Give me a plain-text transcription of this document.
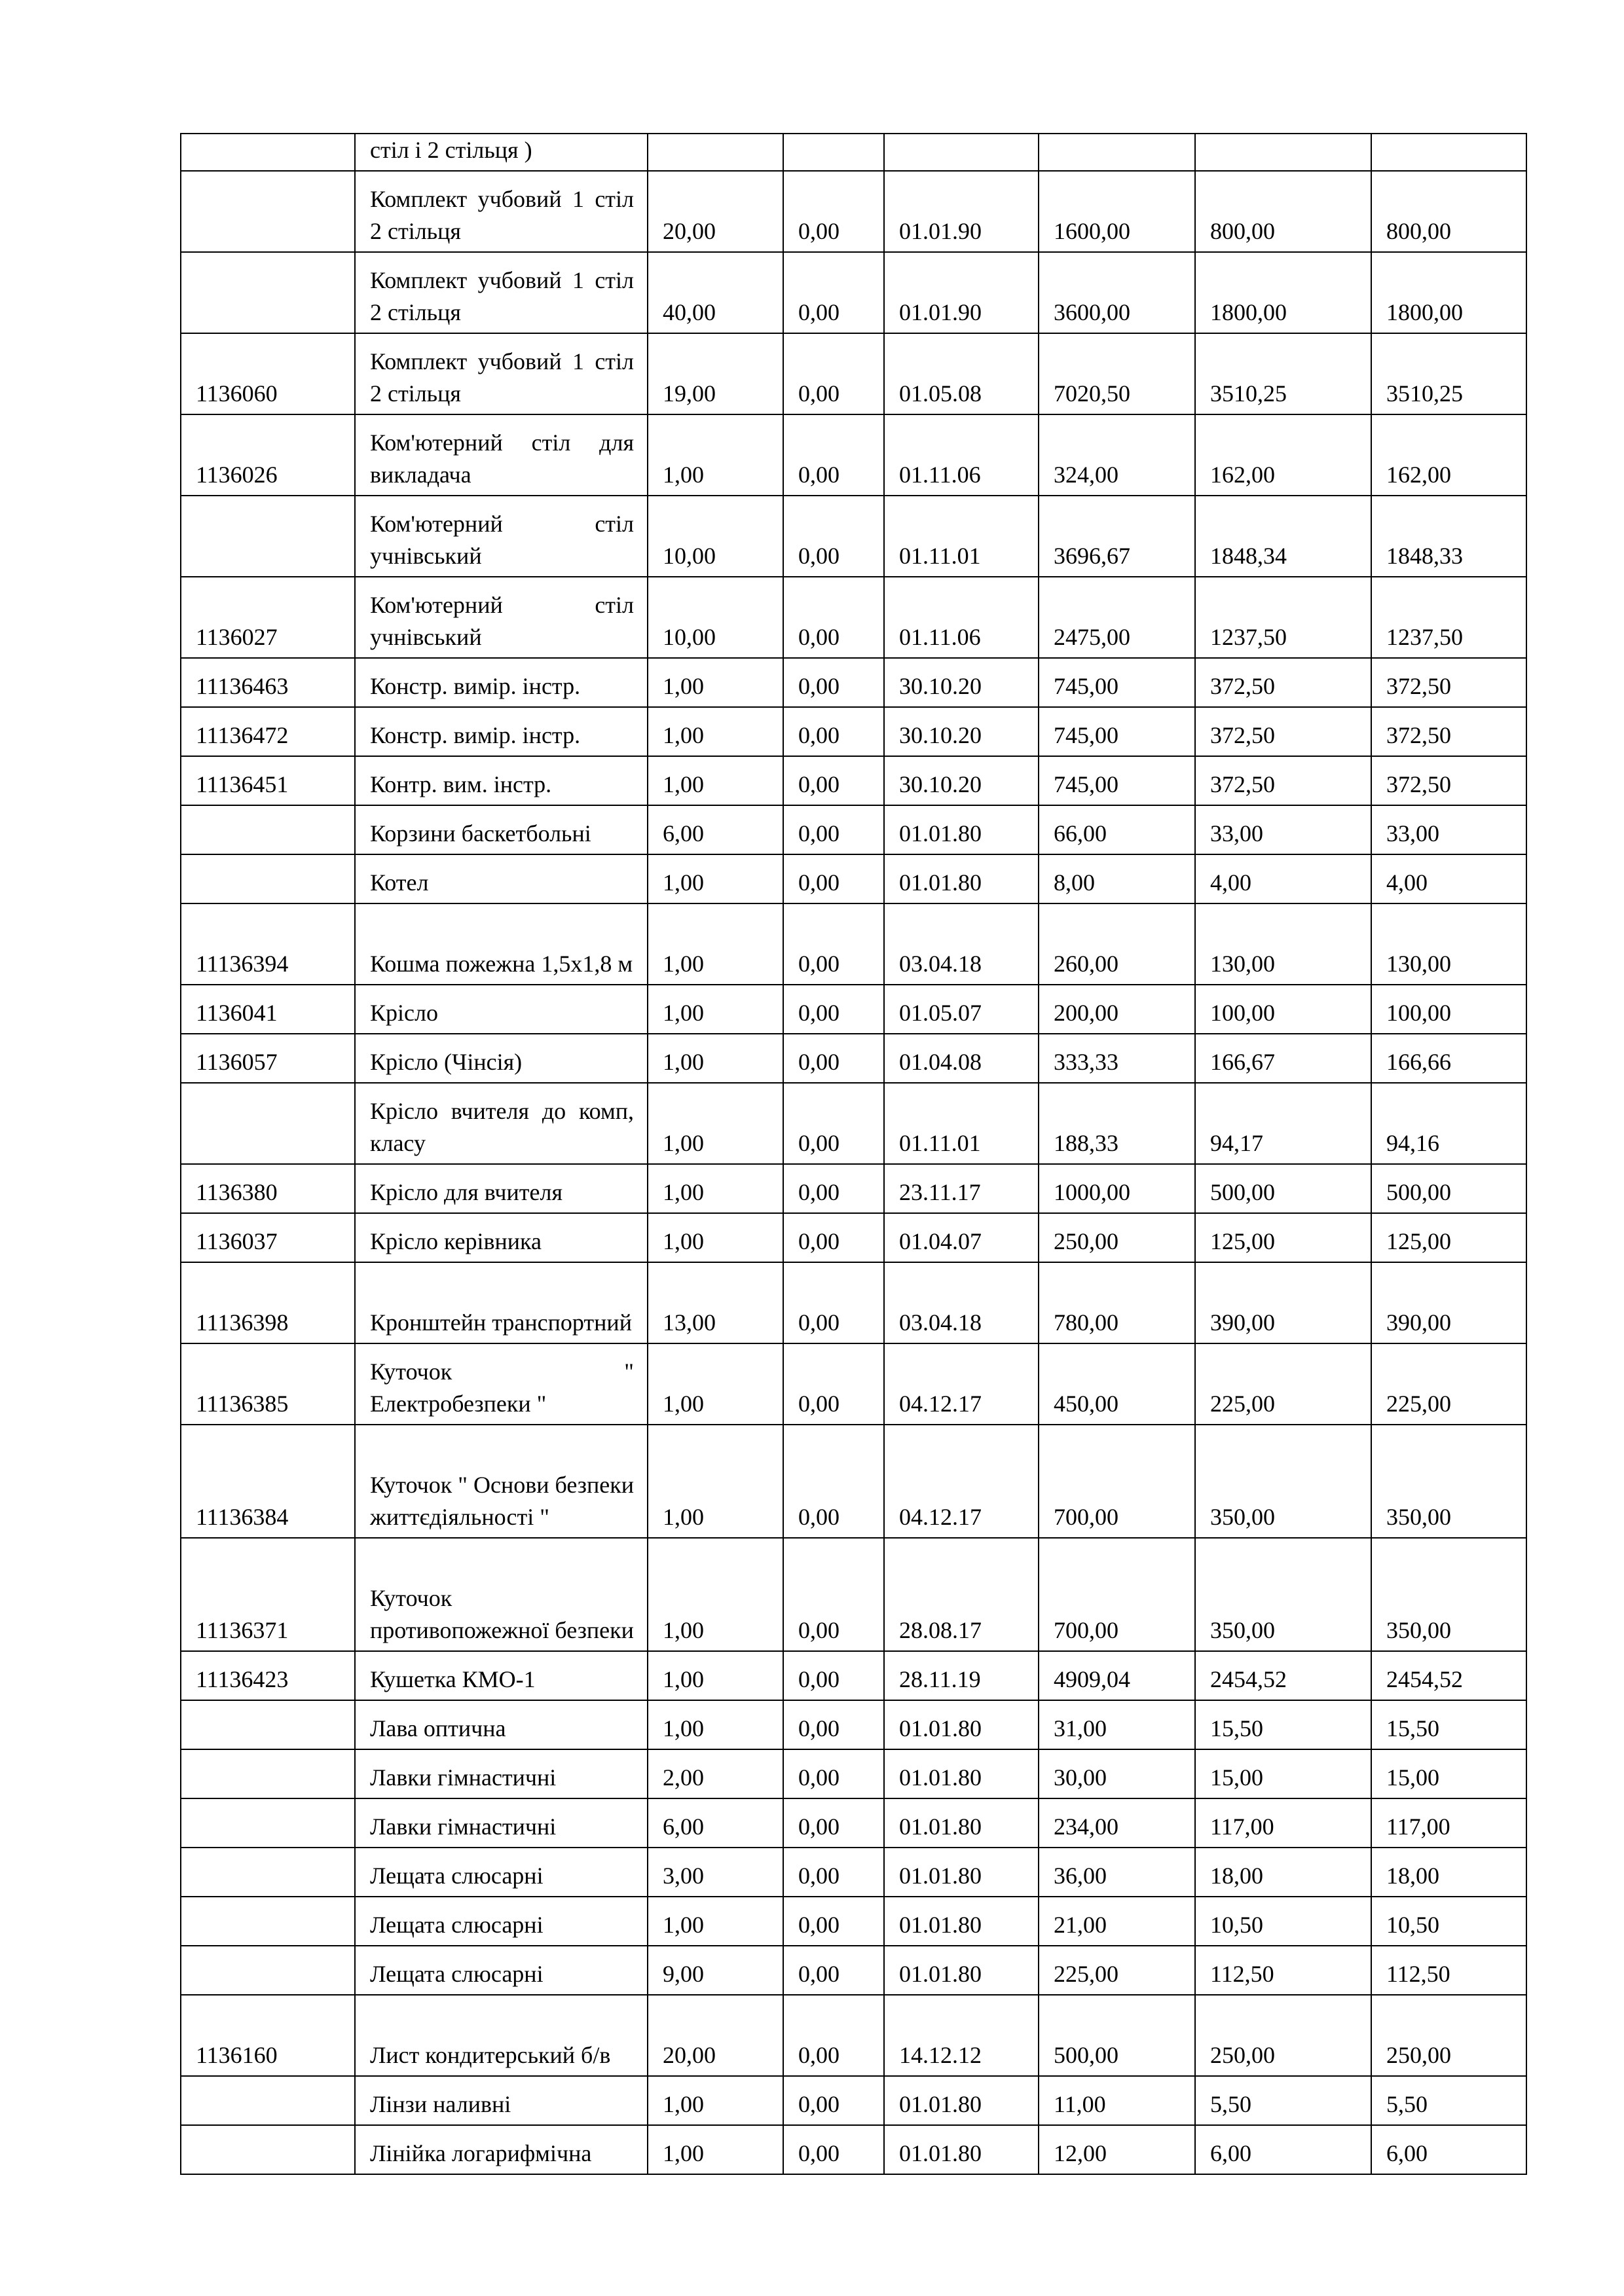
	стіл і 2 стільця )						
	Комплект учбовий 1 стіл 2 стільця	20,00	0,00	01.01.90	1600,00	800,00	800,00
	Комплект учбовий 1 стіл 2 стільця	40,00	0,00	01.01.90	3600,00	1800,00	1800,00
1136060	Комплект учбовий 1 стіл 2 стільця	19,00	0,00	01.05.08	7020,50	3510,25	3510,25
1136026	Ком'ютерний стіл для викладача	1,00	0,00	01.11.06	324,00	162,00	162,00
	Ком'ютерний стіл учнівський	10,00	0,00	01.11.01	3696,67	1848,34	1848,33
1136027	Ком'ютерний стіл учнівський	10,00	0,00	01.11.06	2475,00	1237,50	1237,50
11136463	Констр. вимір. інстр.	1,00	0,00	30.10.20	745,00	372,50	372,50
11136472	Констр. вимір. інстр.	1,00	0,00	30.10.20	745,00	372,50	372,50
11136451	Контр. вим. інстр.	1,00	0,00	30.10.20	745,00	372,50	372,50
	Корзини баскетбольні	6,00	0,00	01.01.80	66,00	33,00	33,00
	Котел	1,00	0,00	01.01.80	8,00	4,00	4,00
11136394	Кошма пожежна 1,5х1,8 м	1,00	0,00	03.04.18	260,00	130,00	130,00
1136041	Крісло	1,00	0,00	01.05.07	200,00	100,00	100,00
1136057	Крісло (Чінсія)	1,00	0,00	01.04.08	333,33	166,67	166,66
	Крісло вчителя до комп, класу	1,00	0,00	01.11.01	188,33	94,17	94,16
1136380	Крісло для вчителя	1,00	0,00	23.11.17	1000,00	500,00	500,00
1136037	Крісло керівника	1,00	0,00	01.04.07	250,00	125,00	125,00
11136398	Кронштейн транспортний	13,00	0,00	03.04.18	780,00	390,00	390,00
11136385	Куточок " Електробезпеки "	1,00	0,00	04.12.17	450,00	225,00	225,00
11136384	Куточок " Основи безпеки життєдіяльності "	1,00	0,00	04.12.17	700,00	350,00	350,00
11136371	Куточок противопожежної безпеки	1,00	0,00	28.08.17	700,00	350,00	350,00
11136423	Кушетка КМО-1	1,00	0,00	28.11.19	4909,04	2454,52	2454,52
	Лава оптична	1,00	0,00	01.01.80	31,00	15,50	15,50
	Лавки гімнастичні	2,00	0,00	01.01.80	30,00	15,00	15,00
	Лавки гімнастичні	6,00	0,00	01.01.80	234,00	117,00	117,00
	Лещата слюсарні	3,00	0,00	01.01.80	36,00	18,00	18,00
	Лещата слюсарні	1,00	0,00	01.01.80	21,00	10,50	10,50
	Лещата слюсарні	9,00	0,00	01.01.80	225,00	112,50	112,50
1136160	Лист кондитерський б/в	20,00	0,00	14.12.12	500,00	250,00	250,00
	Лінзи наливні	1,00	0,00	01.01.80	11,00	5,50	5,50
	Лінійка логарифмічна	1,00	0,00	01.01.80	12,00	6,00	6,00
